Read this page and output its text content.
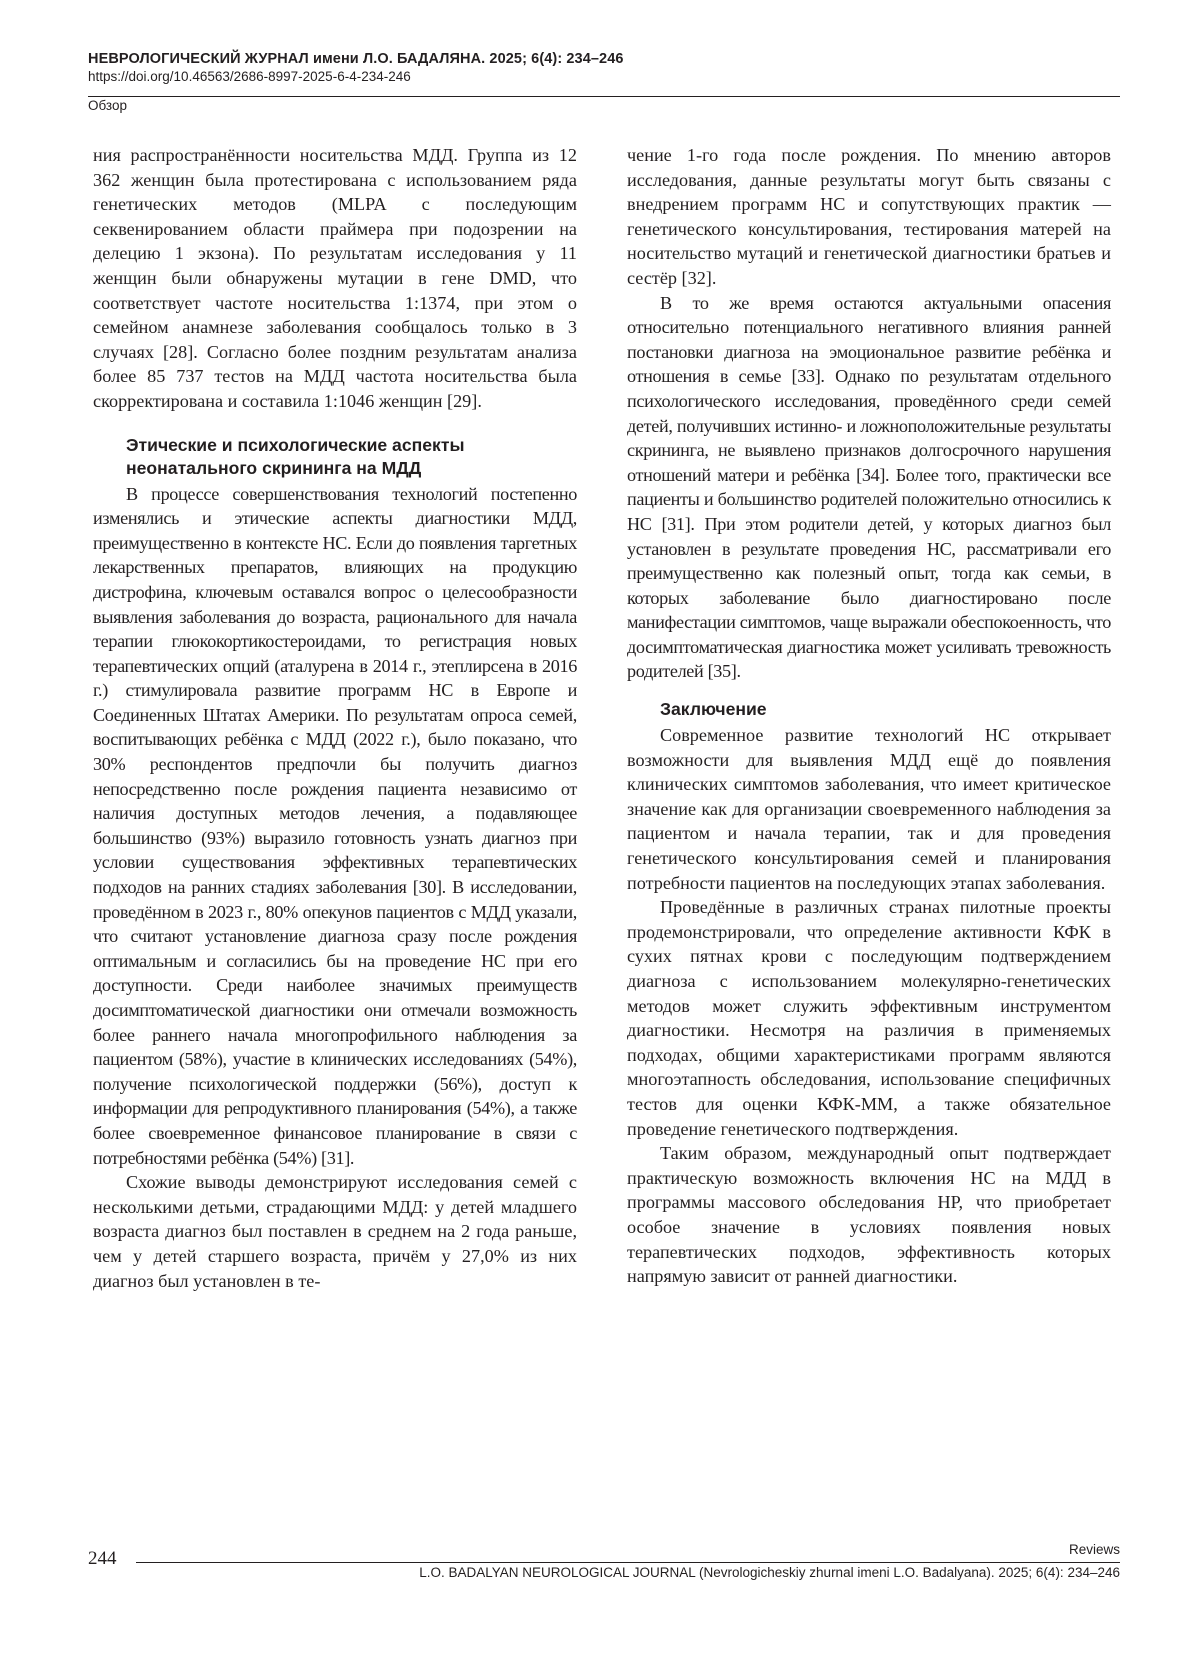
НЕВРОЛОГИЧЕСКИЙ ЖУРНАЛ имени Л.О. БАДАЛЯНА. 2025; 6(4): 234–246
https://doi.org/10.46563/2686-8997-2025-6-4-234-246
Обзор

ния распространённости носительства МДД. Группа из 12 362 женщин была протестирована с использованием ряда генетических методов (MLPA с последующим секвенированием области праймера при подозрении на делецию 1 экзона). По результатам исследования у 11 женщин были обнаружены мутации в гене DMD, что соответствует частоте носительства 1:1374, при этом о семейном анамнезе заболевания сообщалось только в 3 случаях [28]. Согласно более поздним результатам анализа более 85 737 тестов на МДД частота носительства была скорректирована и составила 1:1046 женщин [29].

Этические и психологические аспекты неонатального скрининга на МДД

В процессе совершенствования технологий постепенно изменялись и этические аспекты диагностики МДД, преимущественно в контексте НС. Если до появления таргетных лекарственных препаратов, влияющих на продукцию дистрофина, ключевым оставался вопрос о целесообразности выявления заболевания до возраста, рационального для начала терапии глюкокортикостероидами, то регистрация новых терапевтических опций (аталурена в 2014 г., этеплирсена в 2016 г.) стимулировала развитие программ НС в Европе и Соединенных Штатах Америки. По результатам опроса семей, воспитывающих ребёнка с МДД (2022 г.), было показано, что 30% респондентов предпочли бы получить диагноз непосредственно после рождения пациента независимо от наличия доступных методов лечения, а подавляющее большинство (93%) выразило готовность узнать диагноз при условии существования эффективных терапевтических подходов на ранних стадиях заболевания [30]. В исследовании, проведённом в 2023 г., 80% опекунов пациентов с МДД указали, что считают установление диагноза сразу после рождения оптимальным и согласились бы на проведение НС при его доступности. Среди наиболее значимых преимуществ досимптоматической диагностики они отмечали возможность более раннего начала многопрофильного наблюдения за пациентом (58%), участие в клинических исследованиях (54%), получение психологической поддержки (56%), доступ к информации для репродуктивного планирования (54%), а также более своевременное финансовое планирование в связи с потребностями ребёнка (54%) [31].

Схожие выводы демонстрируют исследования семей с несколькими детьми, страдающими МДД: у детей младшего возраста диагноз был поставлен в среднем на 2 года раньше, чем у детей старшего возраста, причём у 27,0% из них диагноз был установлен в те-

чение 1-го года после рождения. По мнению авторов исследования, данные результаты могут быть связаны с внедрением программ НС и сопутствующих практик — генетического консультирования, тестирования матерей на носительство мутаций и генетической диагностики братьев и сестёр [32].

В то же время остаются актуальными опасения относительно потенциального негативного влияния ранней постановки диагноза на эмоциональное развитие ребёнка и отношения в семье [33]. Однако по результатам отдельного психологического исследования, проведённого среди семей детей, получивших истинно- и ложноположительные результаты скрининга, не выявлено признаков долгосрочного нарушения отношений матери и ребёнка [34]. Более того, практически все пациенты и большинство родителей положительно относились к НС [31]. При этом родители детей, у которых диагноз был установлен в результате проведения НС, рассматривали его преимущественно как полезный опыт, тогда как семьи, в которых заболевание было диагностировано после манифестации симптомов, чаще выражали обеспокоенность, что досимптоматическая диагностика может усиливать тревожность родителей [35].

Заключение

Современное развитие технологий НС открывает возможности для выявления МДД ещё до появления клинических симптомов заболевания, что имеет критическое значение как для организации своевременного наблюдения за пациентом и начала терапии, так и для проведения генетического консультирования семей и планирования потребности пациентов на последующих этапах заболевания.

Проведённые в различных странах пилотные проекты продемонстрировали, что определение активности КФК в сухих пятнах крови с последующим подтверждением диагноза с использованием молекулярно-генетических методов может служить эффективным инструментом диагностики. Несмотря на различия в применяемых подходах, общими характеристиками программ являются многоэтапность обследования, использование специфичных тестов для оценки КФК-ММ, а также обязательное проведение генетического подтверждения.

Таким образом, международный опыт подтверждает практическую возможность включения НС на МДД в программы массового обследования НР, что приобретает особое значение в условиях появления новых терапевтических подходов, эффективность которых напрямую зависит от ранней диагностики.

244	Reviews
L.O. BADALYAN NEUROLOGICAL JOURNAL (Nevrologicheskiy zhurnal imeni L.O. Badalyana). 2025; 6(4): 234–246
